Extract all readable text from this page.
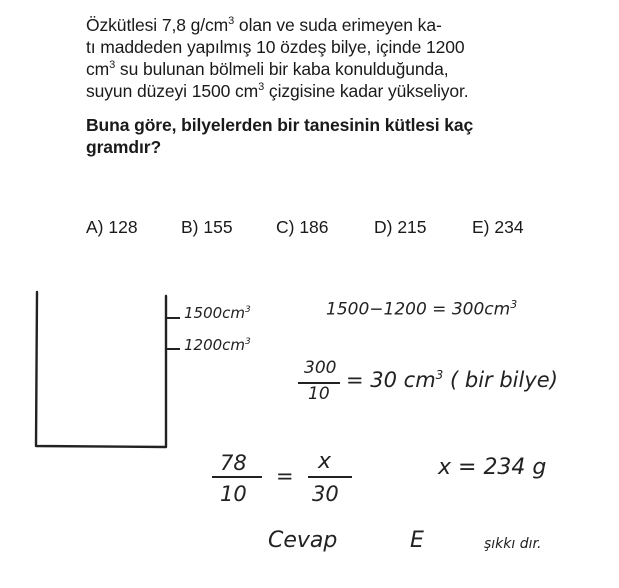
Özkütlesi 7,8 $g/cm^3$ olan ve suda erimeyen ka-

tı maddeden yapılmış 10 özdeş bilye, içinde 1200

$cm^3$ su bulunan bölmeli bir kaba konulduğunda,

suyun düzeyi 1500 $cm^3$ çizgisine kadar yükseliyor.

Buna göre, bilyelerden bir tanesinin kütlesi kaç
gramdır?

A) 128 B) 155 C) 186	D) 215	E) 234
$1500cm^3$
$1200cm^3$
$1500-1200 = 300cm^3$
300
10
= 30 $cm^3$ ( bir bilye)
78
10
=
x
30
x = 234 g
Cevap	E	şıkkı dır.
